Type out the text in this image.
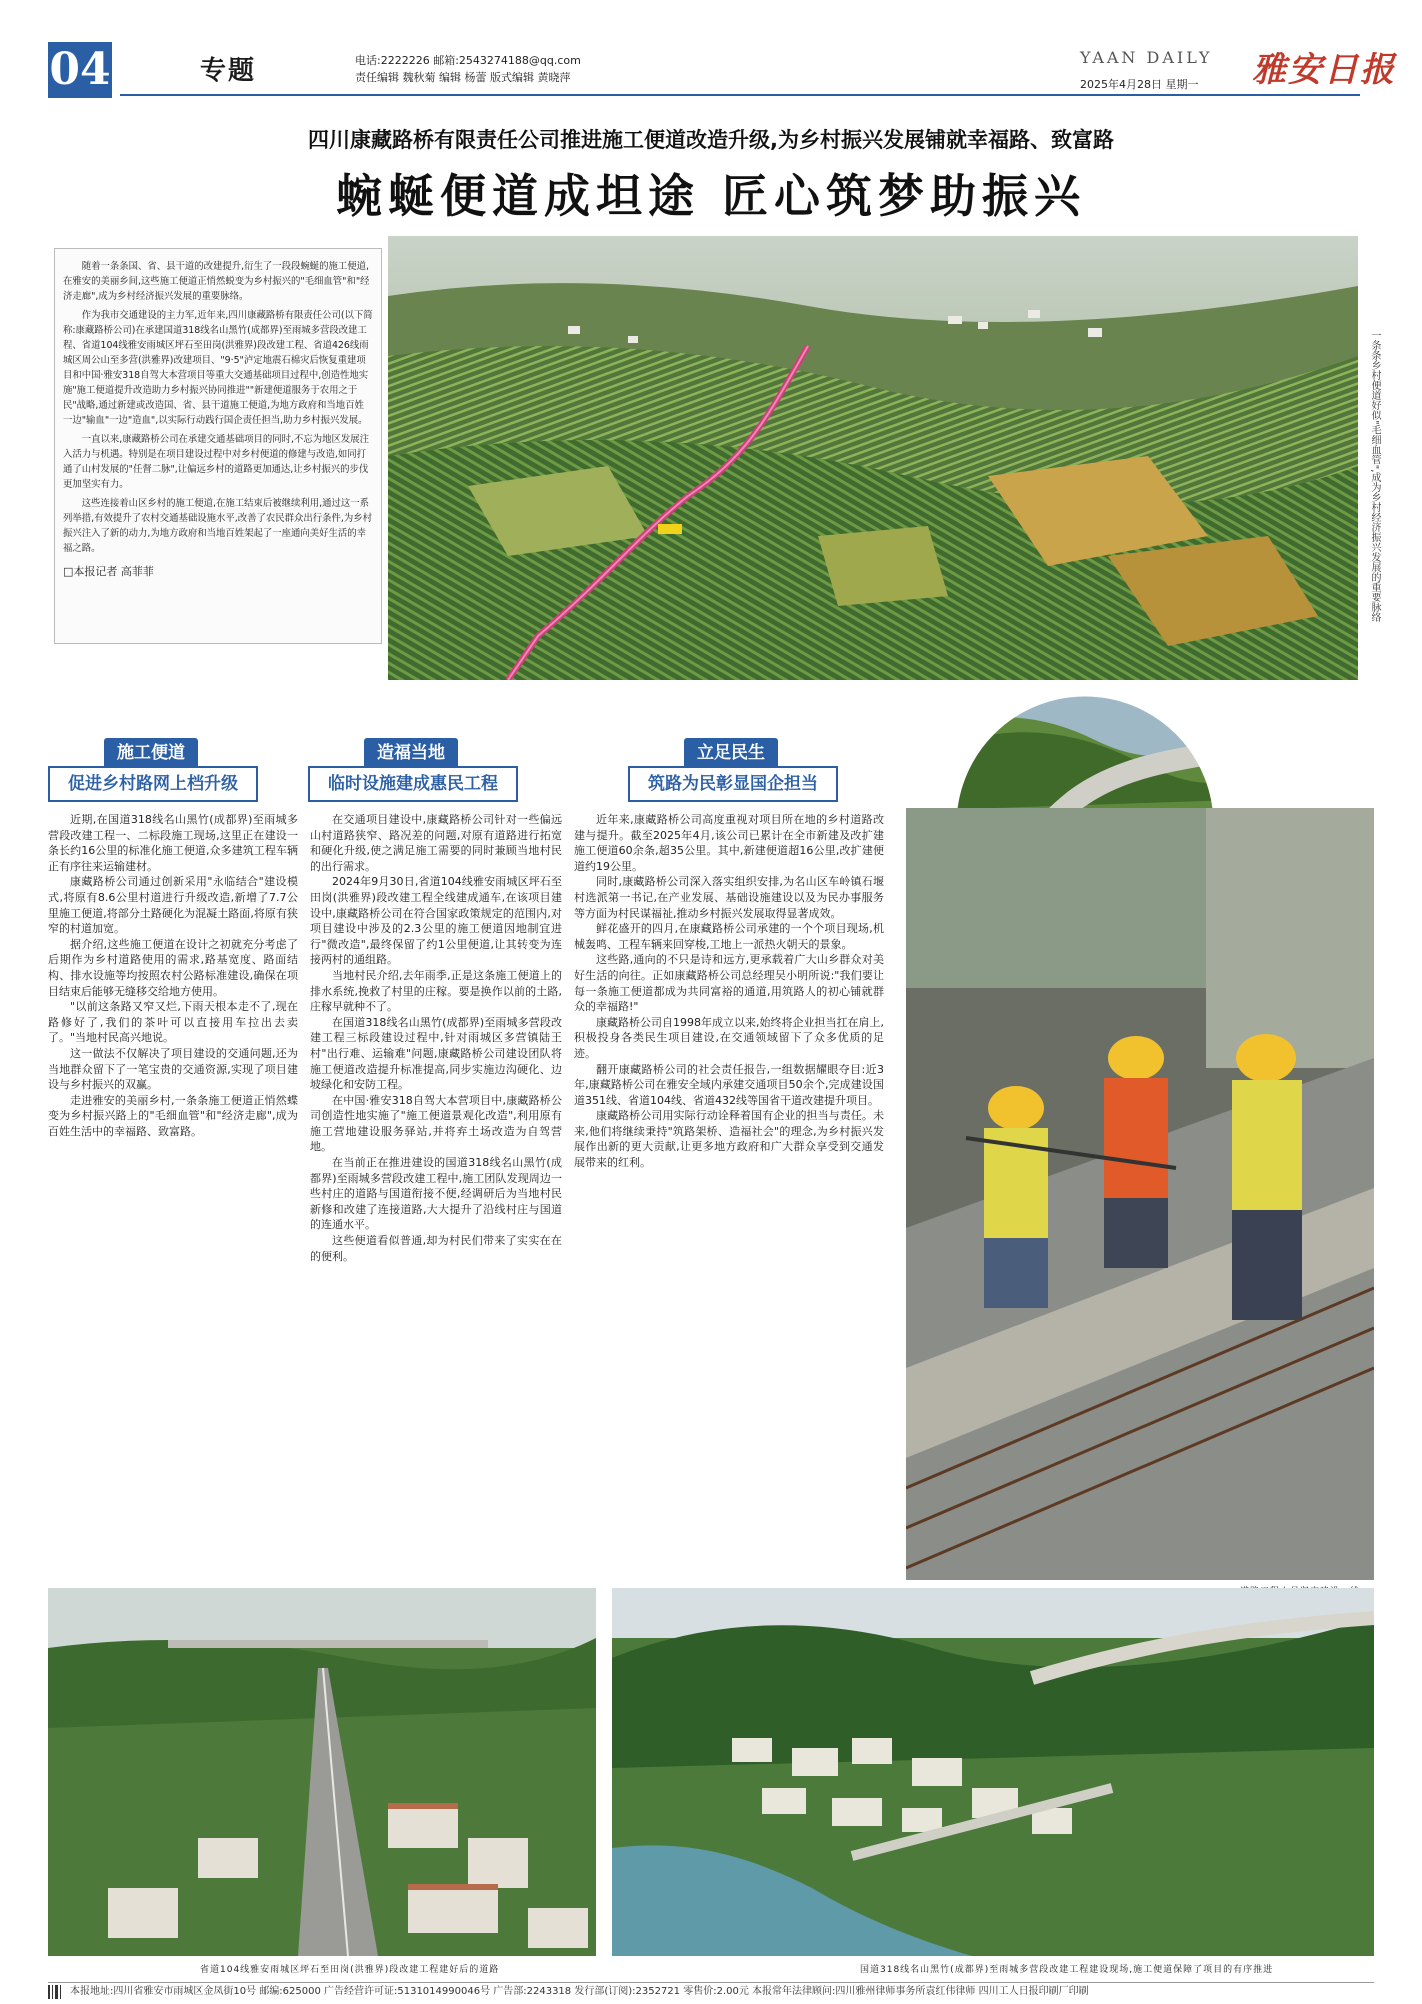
04	专题	电话:2222226 邮箱:2543274188@qq.com
责任编辑 魏秋菊 编辑 杨蕾 版式编辑 黄晓萍
YAAN DAILY
2025年4月28日 星期一 雅安日报
四川康藏路桥有限责任公司推进施工便道改造升级,为乡村振兴发展铺就幸福路、致富路
蜿蜒便道成坦途 匠心筑梦助振兴

随着一条条国、省、县干道的改建提升,衍生了一段段蜿蜒的施工便道,在雅安的美丽乡间,这些施工便道正悄然蜕变为乡村振兴的"毛细血管"和"经济走廊",成为乡村经济振兴发展的重要脉络。

作为我市交通建设的主力军,近年来,四川康藏路桥有限责任公司(以下简称:康藏路桥公司)在承建国道318线名山黑竹(成都界)至雨城多营段改建工程、省道104线雅安雨城区坪石至田岗(洪雅界)段改建工程、省道426线雨城区周公山至多营(洪雅界)改建项目、"9·5"泸定地震石棉灾后恢复重建项目和中国·雅安318自驾大本营项目等重大交通基础项目过程中,创造性地实施"施工便道提升改造助力乡村振兴协同推进""新建便道服务于农用之于民"战略,通过新建或改造国、省、县干道施工便道,为地方政府和当地百姓一边"输血"一边"造血",以实际行动践行国企责任担当,助力乡村振兴发展。

一直以来,康藏路桥公司在承建交通基础项目的同时,不忘为地区发展注入活力与机遇。特别是在项目建设过程中对乡村便道的修建与改造,如同打通了山村发展的"任督二脉",让偏远乡村的道路更加通达,让乡村振兴的步伐更加坚实有力。

这些连接着山区乡村的施工便道,在施工结束后被继续利用,通过这一系列举措,有效提升了农村交通基础设施水平,改善了农民群众出行条件,为乡村振兴注入了新的动力,为地方政府和当地百姓架起了一座通向美好生活的幸福之路。

□本报记者 高菲菲	一条条乡村便道好似"毛细血管",成为乡村经济振兴发展的重要脉络
施工便道
促进乡村路网上档升级
造福当地
临时设施建成惠民工程
立足民生
筑路为民彰显国企担当

近期,在国道318线名山黑竹(成都界)至雨城多营段改建工程一、二标段施工现场,这里正在建设一条长约16公里的标准化施工便道,众多建筑工程车辆正有序往来运输建材。

康藏路桥公司通过创新采用"永临结合"建设模式,将原有8.6公里村道进行升级改造,新增了7.7公里施工便道,将部分土路硬化为混凝土路面,将原有狭窄的村道加宽。

据介绍,这些施工便道在设计之初就充分考虑了后期作为乡村道路使用的需求,路基宽度、路面结构、排水设施等均按照农村公路标准建设,确保在项目结束后能够无缝移交给地方使用。

"以前这条路又窄又烂,下雨天根本走不了,现在路修好了,我们的茶叶可以直接用车拉出去卖了。"当地村民高兴地说。

这一做法不仅解决了项目建设的交通问题,还为当地群众留下了一笔宝贵的交通资源,实现了项目建设与乡村振兴的双赢。

走进雅安的美丽乡村,一条条施工便道正悄然蝶变为乡村振兴路上的"毛细血管"和"经济走廊",成为百姓生活中的幸福路、致富路。

在交通项目建设中,康藏路桥公司针对一些偏远山村道路狭窄、路况差的问题,对原有道路进行拓宽和硬化升级,使之满足施工需要的同时兼顾当地村民的出行需求。

2024年9月30日,省道104线雅安雨城区坪石至田岗(洪雅界)段改建工程全线建成通车,在该项目建设中,康藏路桥公司在符合国家政策规定的范围内,对项目建设中涉及的2.3公里的施工便道因地制宜进行"微改造",最终保留了约1公里便道,让其转变为连接两村的通组路。

当地村民介绍,去年雨季,正是这条施工便道上的排水系统,挽救了村里的庄稼。要是换作以前的土路,庄稼早就种不了。

在国道318线名山黑竹(成都界)至雨城多营段改建工程三标段建设过程中,针对雨城区多营镇陆王村"出行难、运输难"问题,康藏路桥公司建设团队将施工便道改造提升标准提高,同步实施边沟硬化、边坡绿化和安防工程。

在中国·雅安318自驾大本营项目中,康藏路桥公司创造性地实施了"施工便道景观化改造",利用原有施工营地建设服务驿站,并将弃土场改造为自驾营地。

在当前正在推进建设的国道318线名山黑竹(成都界)至雨城多营段改建工程中,施工团队发现周边一些村庄的道路与国道衔接不便,经调研后为当地村民新修和改建了连接道路,大大提升了沿线村庄与国道的连通水平。

这些便道看似普通,却为村民们带来了实实在在的便利。

近年来,康藏路桥公司高度重视对项目所在地的乡村道路改建与提升。截至2025年4月,该公司已累计在全市新建及改扩建施工便道60余条,超35公里。其中,新建便道超16公里,改扩建便道约19公里。

同时,康藏路桥公司深入落实组织安排,为名山区车岭镇石堰村选派第一书记,在产业发展、基础设施建设以及为民办事服务等方面为村民谋福祉,推动乡村振兴发展取得显著成效。

鲜花盛开的四月,在康藏路桥公司承建的一个个项目现场,机械轰鸣、工程车辆来回穿梭,工地上一派热火朝天的景象。

这些路,通向的不只是诗和远方,更承载着广大山乡群众对美好生活的向往。正如康藏路桥公司总经理吴小明所说:"我们要让每一条施工便道都成为共同富裕的通道,用筑路人的初心铺就群众的幸福路!"

康藏路桥公司自1998年成立以来,始终将企业担当扛在肩上,积极投身各类民生项目建设,在交通领域留下了众多优质的足迹。

翻开康藏路桥公司的社会责任报告,一组数据耀眼夺目:近3年,康藏路桥公司在雅安全域内承建交通项目50余个,完成建设国道351线、省道104线、省道432线等国省干道改建提升项目。

康藏路桥公司用实际行动诠释着国有企业的担当与责任。未来,他们将继续秉持"筑路架桥、造福社会"的理念,为乡村振兴发展作出新的更大贡献,让更多地方政府和广大群众享受到交通发展带来的红利。

省道104线雅安雨城区坪石至田岗(洪雅界)段改建工程建好后的道路	国道318线名山黑竹(成都界)至雨城多营段改建工程建设现场,施工便道保障了项目的有序推进
本报地址:四川省雅安市雨城区金凤街10号 邮编:625000 广告经营许可证:5131014990046号 广告部:2243318 发行部(订阅):2352721 零售价:2.00元 本报常年法律顾问:四川雅州律师事务所袁红伟律师 四川工人日报印刷厂印刷
